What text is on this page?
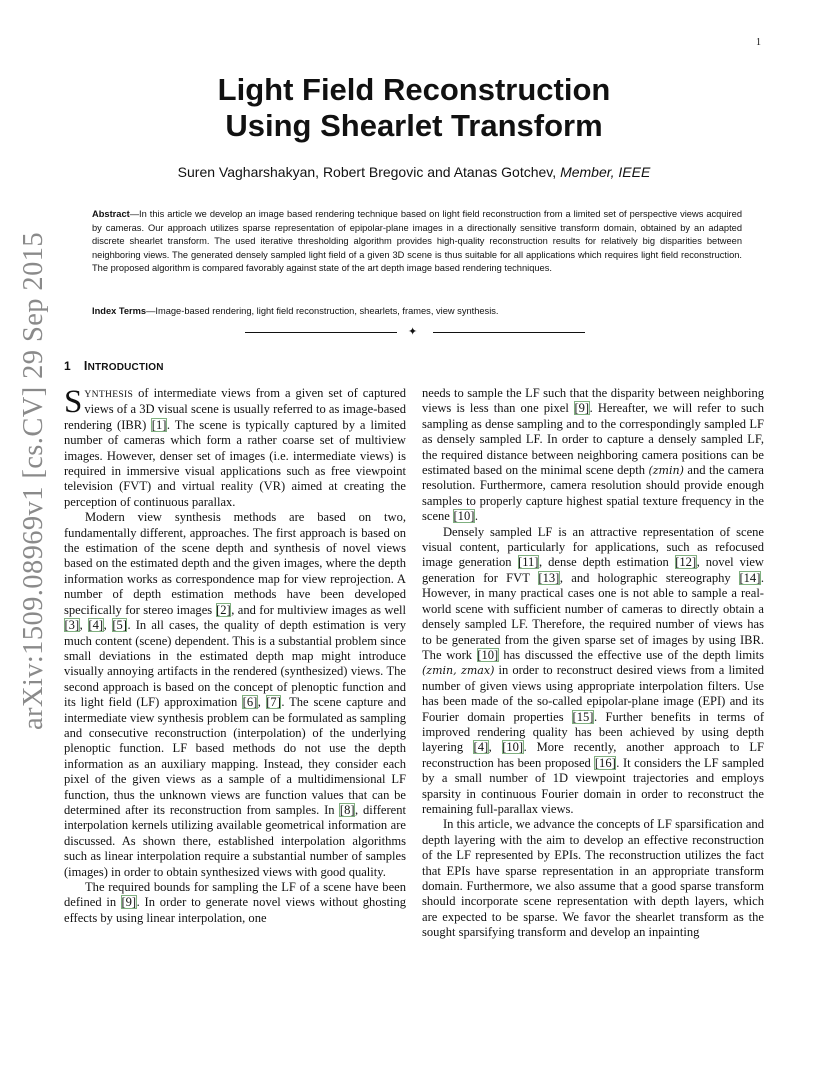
1
arXiv:1509.08969v1 [cs.CV] 29 Sep 2015
Light Field Reconstruction
Using Shearlet Transform
Suren Vagharshakyan, Robert Bregovic and Atanas Gotchev, Member, IEEE
Abstract—In this article we develop an image based rendering technique based on light field reconstruction from a limited set of perspective views acquired by cameras. Our approach utilizes sparse representation of epipolar-plane images in a directionally sensitive transform domain, obtained by an adapted discrete shearlet transform. The used iterative thresholding algorithm provides high-quality reconstruction results for relatively big disparities between neighboring views. The generated densely sampled light field of a given 3D scene is thus suitable for all applications which requires light field reconstruction. The proposed algorithm is compared favorably against state of the art depth image based rendering techniques.
Index Terms—Image-based rendering, light field reconstruction, shearlets, frames, view synthesis.
✦
1 INTRODUCTION

SYNTHESIS of intermediate views from a given set of captured views of a 3D visual scene is usually referred to as image-based rendering (IBR) [1]. The scene is typically captured by a limited number of cameras which form a rather coarse set of multiview images. However, denser set of images (i.e. intermediate views) is required in immersive visual applications such as free viewpoint television (FVT) and virtual reality (VR) aimed at creating the perception of continuous parallax.

Modern view synthesis methods are based on two, fundamentally different, approaches. The first approach is based on the estimation of the scene depth and synthesis of novel views based on the estimated depth and the given images, where the depth information works as correspondence map for view reprojection. A number of depth estimation methods have been developed specifically for stereo images [2], and for multiview images as well [3], [4], [5]. In all cases, the quality of depth estimation is very much content (scene) dependent. This is a substantial problem since small deviations in the estimated depth map might introduce visually annoying artifacts in the rendered (synthesized) views. The second approach is based on the concept of plenoptic function and its light field (LF) approximation [6], [7]. The scene capture and intermediate view synthesis problem can be formulated as sampling and consecutive reconstruction (interpolation) of the underlying plenoptic function. LF based methods do not use the depth information as an auxiliary mapping. Instead, they consider each pixel of the given views as a sample of a multidimensional LF function, thus the unknown views are function values that can be determined after its reconstruction from samples. In [8], different interpolation kernels utilizing available geometrical information are discussed. As shown there, established interpolation algorithms such as linear interpolation require a substantial number of samples (images) in order to obtain synthesized views with good quality.

The required bounds for sampling the LF of a scene have been defined in [9]. In order to generate novel views without ghosting effects by using linear interpolation, one

needs to sample the LF such that the disparity between neighboring views is less than one pixel [9]. Hereafter, we will refer to such sampling as dense sampling and to the correspondingly sampled LF as densely sampled LF. In order to capture a densely sampled LF, the required distance between neighboring camera positions can be estimated based on the minimal scene depth (zmin) and the camera resolution. Furthermore, camera resolution should provide enough samples to properly capture highest spatial texture frequency in the scene [10].

Densely sampled LF is an attractive representation of scene visual content, particularly for applications, such as refocused image generation [11], dense depth estimation [12], novel view generation for FVT [13], and holographic stereography [14]. However, in many practical cases one is not able to sample a real-world scene with sufficient number of cameras to directly obtain a densely sampled LF. Therefore, the required number of views has to be generated from the given sparse set of images by using IBR. The work [10] has discussed the effective use of the depth limits (zmin, zmax) in order to reconstruct desired views from a limited number of given views using appropriate interpolation filters. Use has been made of the so-called epipolar-plane image (EPI) and its Fourier domain properties [15]. Further benefits in terms of improved rendering quality has been achieved by using depth layering [4], [10]. More recently, another approach to LF reconstruction has been proposed [16]. It considers the LF sampled by a small number of 1D viewpoint trajectories and employs sparsity in continuous Fourier domain in order to reconstruct the remaining full-parallax views.

In this article, we advance the concepts of LF sparsification and depth layering with the aim to develop an effective reconstruction of the LF represented by EPIs. The reconstruction utilizes the fact that EPIs have sparse representation in an appropriate transform domain. Furthermore, we also assume that a good sparse transform should incorporate scene representation with depth layers, which are expected to be sparse. We favor the shearlet transform as the sought sparsifying transform and develop an inpainting
